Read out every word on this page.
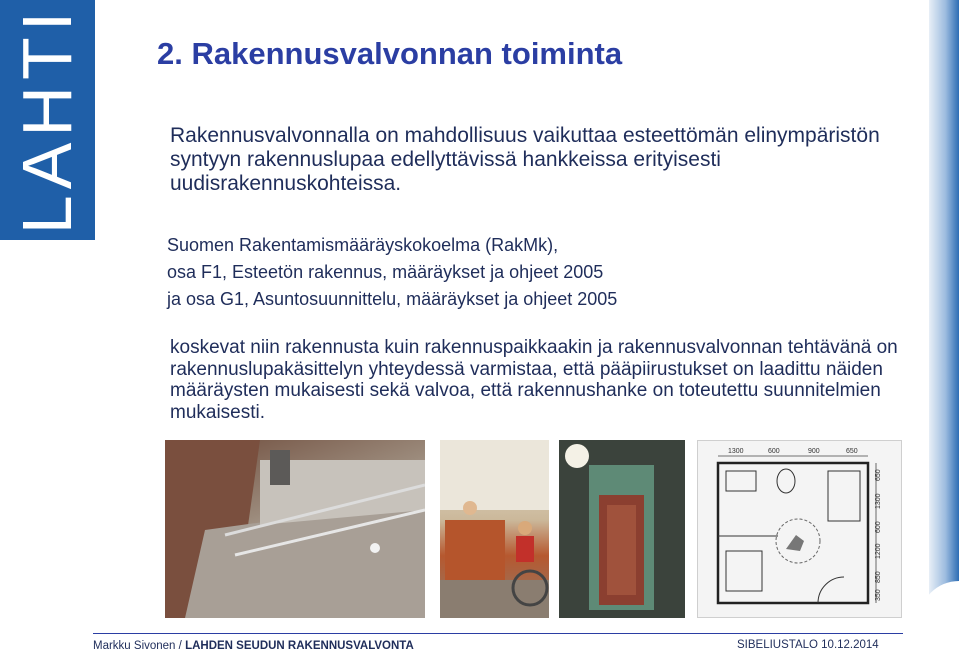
LAHTI 2. Rakennusvalvonnan toiminta
Rakennusvalvonnalla on mahdollisuus vaikuttaa esteettömän elinympäristön syntyyn rakennuslupaa edellyttävissä hankkeissa erityisesti uudisrakennuskohteissa.
Suomen Rakentamismääräyskokoelma (RakMk),
osa F1, Esteetön rakennus, määräykset ja ohjeet 2005
ja osa G1, Asuntosuunnittelu, määräykset ja ohjeet 2005
koskevat niin rakennusta kuin rakennuspaikkaakin ja rakennusvalvonnan tehtävänä on rakennuslupakäsittelyn yhteydessä varmistaa, että pääpiirustukset on laadittu näiden määräysten mukaisesti sekä valvoa, että rakennushanke on toteutettu suunnitelmien mukaisesti.
1300	600	900	650
650
1300
600
1200
850
350
Markku Sivonen / LAHDEN SEUDUN RAKENNUSVALVONTA	SIBELIUSTALO 10.12.2014
